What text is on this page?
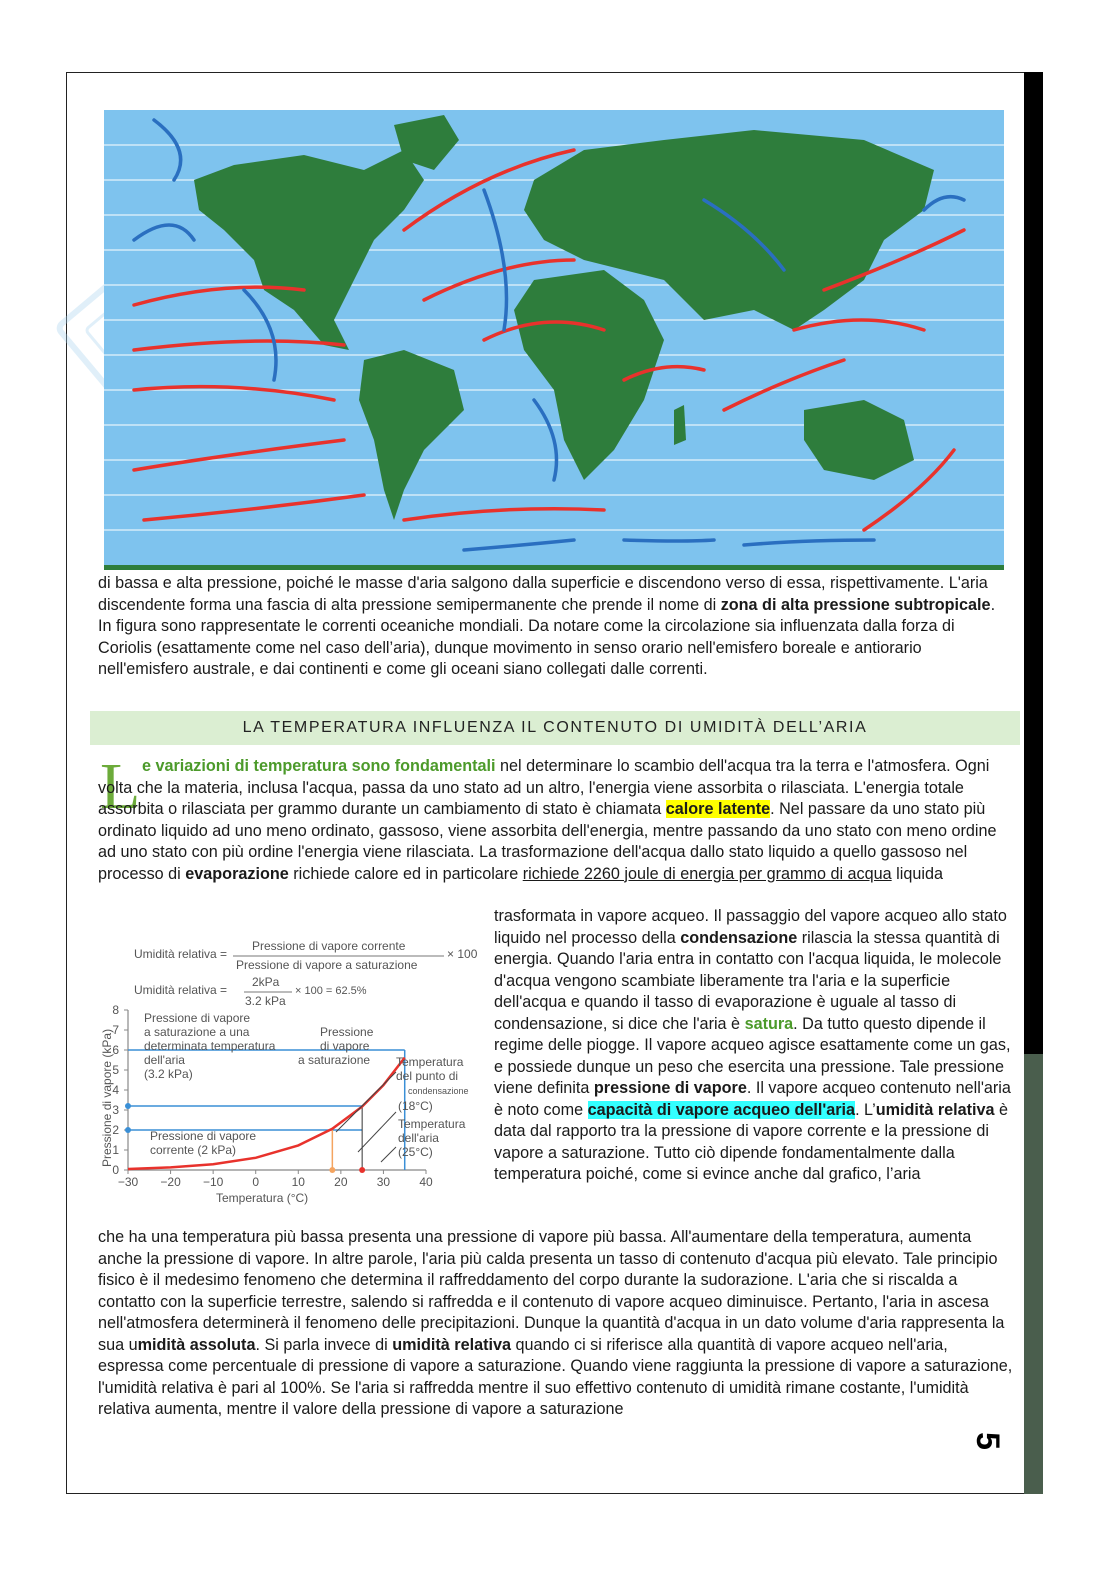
di bassa e alta pressione, poiché le masse d'aria salgono dalla superficie e discendono verso di essa, rispettivamente. L'aria discendente forma una fascia di alta pressione semipermanente che prende il nome di zona di alta pressione subtropicale. In figura sono rappresentate le correnti oceaniche mondiali. Da notare come la circolazione sia influenzata dalla forza di Coriolis (esattamente come nel caso dell’aria), dunque movimento in senso orario nell'emisfero boreale e antiorario nell'emisfero australe, e dai continenti e come gli oceani siano collegati dalle correnti.

LA TEMPERATURA INFLUENZA IL CONTENUTO DI UMIDITÀ DELL’ARIA
L e variazioni di temperatura sono fondamentali nel determinare lo scambio dell'acqua tra la terra e l'atmosfera. Ogni volta che la materia, inclusa l'acqua, passa da uno stato ad un altro, l'energia viene assorbita o rilasciata. L'energia totale assorbita o rilasciata per grammo durante un cambiamento di stato è chiamata calore latente. Nel passare da uno stato più ordinato liquido ad uno meno ordinato, gassoso, viene assorbita dell'energia, mentre passando da uno stato con meno ordine ad uno stato con più ordine l'energia viene rilasciata. La trasformazione dell'acqua dallo stato liquido a quello gassoso nel processo di evaporazione richiede calore ed in particolare richiede 2260 joule di energia per grammo di acqua liquida

Umidità relativa =
Pressione di vapore corrente
Pressione di vapore a saturazione
× 100
Umidità relativa =
2kPa
3.2 kPa
× 100 = 62.5%
0
1
2
3
4
5
6
7
8
−30 −20 −10 0	10 20 30 40
Temperatura (°C)
Pressione di vapore (kPa)
Pressione di vapore
a saturazione a una
determinata temperatura
dell'aria
(3.2 kPa)
Pressione
di vapore
a saturazione Temperatura
del punto di
condensazione
(18°C)
Temperatura
dell'aria
(25°C)
Pressione di vapore
corrente (2 kPa)

trasformata in vapore acqueo. Il passaggio del vapore acqueo allo stato liquido nel processo della condensazione rilascia la stessa quantità di energia. Quando l'aria entra in contatto con l'acqua liquida, le molecole d'acqua vengono scambiate liberamente tra l'aria e la superficie dell'acqua e quando il tasso di evaporazione è uguale al tasso di condensazione, si dice che l'aria è satura. Da tutto questo dipende il regime delle piogge. Il vapore acqueo agisce esattamente come un gas, e possiede dunque un peso che esercita una pressione. Tale pressione viene definita pressione di vapore. Il vapore acqueo contenuto nell'aria è noto come capacità di vapore acqueo dell'aria. L’umidità relativa è data dal rapporto tra la pressione di vapore corrente e la pressione di vapore a saturazione. Tutto ciò dipende fondamentalmente dalla temperatura poiché, come si evince anche dal grafico, l’aria

che ha una temperatura più bassa presenta una pressione di vapore più bassa. All'aumentare della temperatura, aumenta anche la pressione di vapore. In altre parole, l'aria più calda presenta un tasso di contenuto d'acqua più elevato. Tale principio fisico è il medesimo fenomeno che determina il raffreddamento del corpo durante la sudorazione. L'aria che si riscalda a contatto con la superficie terrestre, salendo si raffredda e il contenuto di vapore acqueo diminuisce. Pertanto, l'aria in ascesa nell'atmosfera determinerà il fenomeno delle precipitazioni. Dunque la quantità d'acqua in un dato volume d'aria rappresenta la sua umidità assoluta. Si parla invece di umidità relativa quando ci si riferisce alla quantità di vapore acqueo nell'aria, espressa come percentuale di pressione di vapore a saturazione. Quando viene raggiunta la pressione di vapore a saturazione, l'umidità relativa è pari al 100%. Se l'aria si raffredda mentre il suo effettivo contenuto di umidità rimane costante, l'umidità relativa aumenta, mentre il valore della pressione di vapore a saturazione

5
